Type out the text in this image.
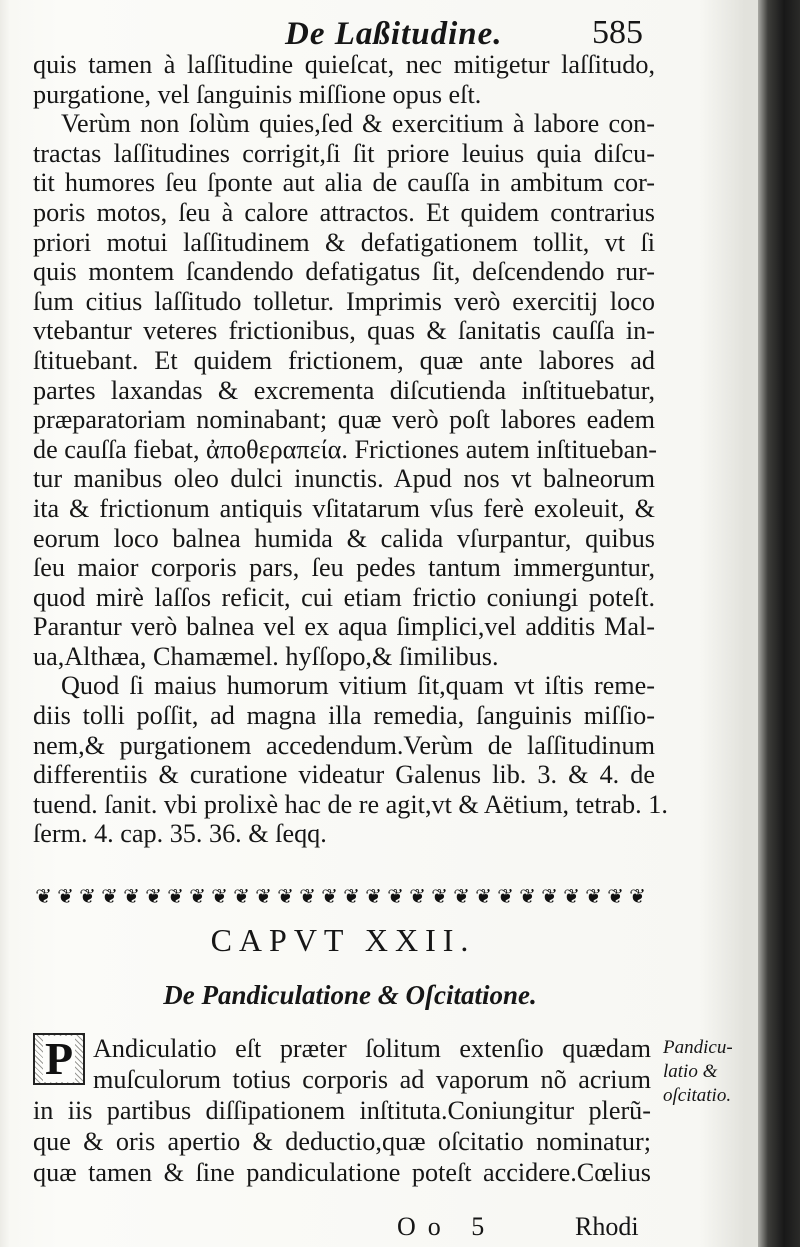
De Laßitudine.	585
quis tamen à laſſitudine quieſcat, nec mitigetur laſſitudo,
purgatione, vel ſanguinis miſſione opus eſt.
Verùm non ſolùm quies,ſed & exercitium à labore con-
tractas laſſitudines corrigit,ſi ſit priore leuius quia diſcu-
tit humores ſeu ſponte aut alia de cauſſa in ambitum cor-
poris motos, ſeu à calore attractos. Et quidem contrarius
priori motui laſſitudinem & defatigationem tollit, vt ſi
quis montem ſcandendo defatigatus ſit, deſcendendo rur-
ſum citius laſſitudo tolletur. Imprimis verò exercitij loco
vtebantur veteres frictionibus, quas & ſanitatis cauſſa in-
ſtituebant. Et quidem frictionem, quæ ante labores ad
partes laxandas & excrementa diſcutienda inſtituebatur,
præparatoriam nominabant; quæ verò poſt labores eadem
de cauſſa fiebat, ἀποθεραπεία. Frictiones autem inſtitueban-
tur manibus oleo dulci inunctis. Apud nos vt balneorum
ita & frictionum antiquis vſitatarum vſus ferè exoleuit, &
eorum loco balnea humida & calida vſurpantur, quibus
ſeu maior corporis pars, ſeu pedes tantum immerguntur,
quod mirè laſſos reficit, cui etiam frictio coniungi poteſt.
Parantur verò balnea vel ex aqua ſimplici,vel additis Mal-
ua,Althæa, Chamæmel. hyſſopo,& ſimilibus.
Quod ſi maius humorum vitium ſit,quam vt iſtis reme-
diis tolli poſſit, ad magna illa remedia, ſanguinis miſſio-
nem,& purgationem accedendum.Verùm de laſſitudinum
differentiis & curatione videatur Galenus lib. 3. & 4. de
tuend. ſanit. vbi prolixè hac de re agit,vt & Aëtium, tetrab. 1.
ſerm. 4. cap. 35. 36. & ſeqq.
❦ ❦ ❦ ❦ ❦ ❦ ❦ ❦ ❦ ❦ ❦ ❦ ❦ ❦ ❦ ❦ ❦ ❦ ❦ ❦ ❦ ❦ ❦ ❦ ❦ ❦ ❦ ❦
CAPVT XXII.
De Pandiculatione & Oſcitatione.
P Andiculatio eſt præter ſolitum extenſio quædam
muſculorum totius corporis ad vaporum nõ acrium
in iis partibus diſſipationem inſtituta.Coniungitur plerũ-
que & oris apertio & deductio,quæ oſcitatio nominatur;
quæ tamen & ſine pandiculatione poteſt accidere.Cœlius
Pandicu-
latio &
oſcitatio.
Oo 5	Rhodi
